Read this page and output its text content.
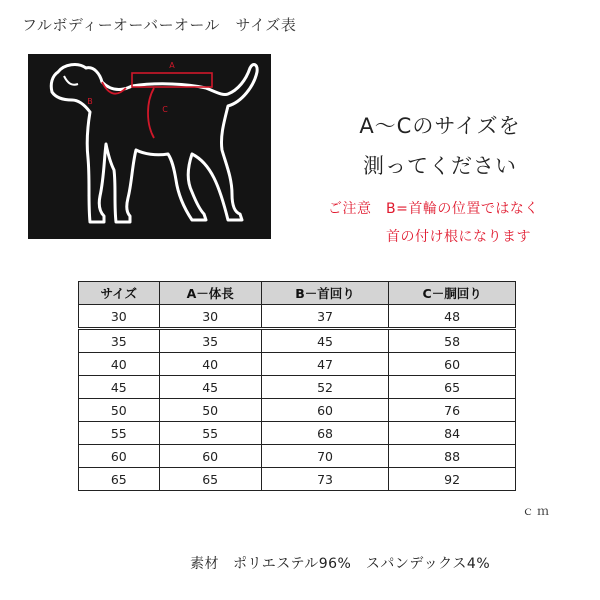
フルボディーオーバーオール　サイズ表
A
B
C
A～Cのサイズを
測ってください
ご注意　B=首輪の位置ではなく
首の付け根になります
サイズ	A－体長	B－首回り	C－胴回り
30	30	37	48
35	35	45	58
40	40	47	60
45	45	52	65
50	50	60	76
55	55	68	84
60	60	70	88
65	65	73	92
ｃｍ
素材 ポリエステル96%　スパンデックス4%
